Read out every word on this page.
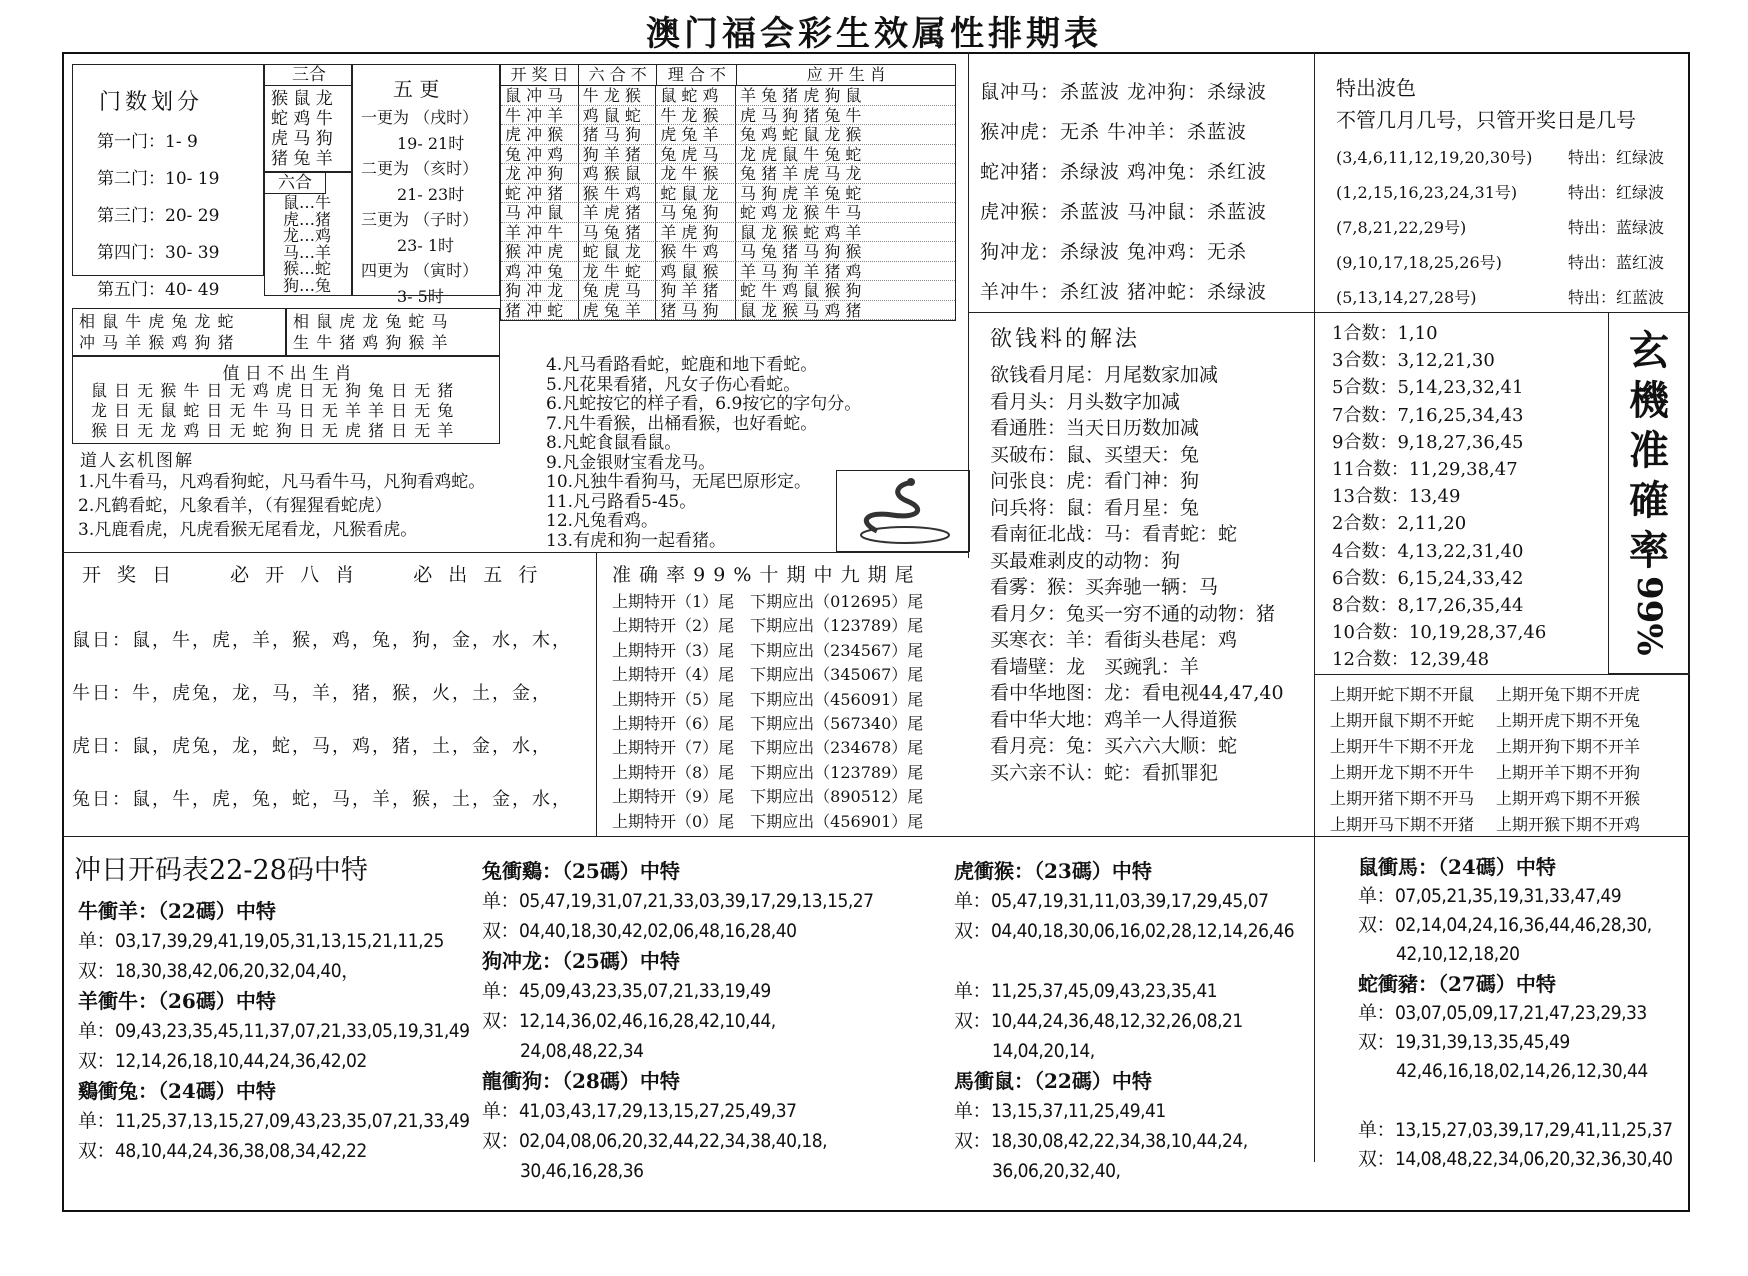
澳门福会彩生效属性排期表
门数划分
第一门：1- 9
第二门：10- 19
第三门：20- 29
第四门：30- 39
第五门：40- 49
三合
猴 鼠 龙
蛇 鸡 牛
虎 马 狗
猪 兔 羊
六合
鼠…牛
虎…猪
龙…鸡
马…羊
猴…蛇
狗…兔
五 更
一更为 （戌时）
19- 21时
二更为 （亥时）
21- 23时
三更为 （子时）
23- 1时
四更为 （寅时）
3- 5时
开 奖 日	六 合 不	理 合 不	应 开 生 肖
鼠 冲 马	牛 龙 猴	鼠 蛇 鸡	羊 兔 猪 虎 狗 鼠
牛 冲 羊	鸡 鼠 蛇	牛 龙 猴	虎 马 狗 猪 兔 牛
虎 冲 猴	猪 马 狗	虎 兔 羊	兔 鸡 蛇 鼠 龙 猴
兔 冲 鸡	狗 羊 猪	兔 虎 马	龙 虎 鼠 牛 兔 蛇
龙 冲 狗	鸡 猴 鼠	龙 牛 猴	兔 猪 羊 虎 马 龙
蛇 冲 猪	猴 牛 鸡	蛇 鼠 龙	马 狗 虎 羊 兔 蛇
马 冲 鼠	羊 虎 猪	马 兔 狗	蛇 鸡 龙 猴 牛 马
羊 冲 牛	马 兔 猪	羊 虎 狗	鼠 龙 猴 蛇 鸡 羊
猴 冲 虎	蛇 鼠 龙	猴 牛 鸡	马 兔 猪 马 狗 猴
鸡 冲 兔	龙 牛 蛇	鸡 鼠 猴	羊 马 狗 羊 猪 鸡
狗 冲 龙	兔 虎 马	狗 羊 猪	蛇 牛 鸡 鼠 猴 狗
猪 冲 蛇	虎 兔 羊	猪 马 狗	鼠 龙 猴 马 鸡 猪
相 鼠 牛 虎 兔 龙 蛇
冲 马 羊 猴 鸡 狗 猪
相 鼠 虎 龙 兔 蛇 马
生 牛 猪 鸡 狗 猴 羊
值 日 不 出 生 肖
鼠 日 无 猴 牛 日 无 鸡 虎 日 无 狗 兔 日 无 猪
龙 日 无 鼠 蛇 日 无 牛 马 日 无 羊 羊 日 无 兔
猴 日 无 龙 鸡 日 无 蛇 狗 日 无 虎 猪 日 无 羊
道人玄机图解
1.凡牛看马，凡鸡看狗蛇，凡马看牛马，凡狗看鸡蛇。
2.凡鹤看蛇，凡象看羊，（有猩猩看蛇虎）
3.凡鹿看虎，凡虎看猴无尾看龙，凡猴看虎。
4.凡马看路看蛇，蛇鹿和地下看蛇。
5.凡花果看猪，凡女子伤心看蛇。
6.凡蛇按它的样子看，6.9按它的字句分。
7.凡牛看猴，出桶看猴，也好看蛇。
8.凡蛇食鼠看鼠。
9.凡金银财宝看龙马。
10.凡独牛看狗马，无尾巴原形定。
11.凡弓路看5-45。
12.凡兔看鸡。
13.有虎和狗一起看猪。
鼠冲马：杀蓝波 龙冲狗：杀绿波
猴冲虎：无杀 牛冲羊：杀蓝波
蛇冲猪：杀绿波 鸡冲兔：杀红波
虎冲猴：杀蓝波 马冲鼠：杀蓝波
狗冲龙：杀绿波 兔冲鸡：无杀
羊冲牛：杀红波 猪冲蛇：杀绿波
特出波色
不管几月几号，只管开奖日是几号
(3,4,6,11,12,19,20,30号)	特出：红绿波
(1,2,15,16,23,24,31号)	特出：红绿波
(7,8,21,22,29号)	特出：蓝绿波
(9,10,17,18,25,26号)	特出：蓝红波
(5,13,14,27,28号)	特出：红蓝波
欲钱料的解法
欲钱看月尾：月尾数家加减
看月头：月头数字加减
看通胜：当天日历数加减
买破布：鼠、买望天：兔
问张良：虎：看门神：狗
问兵将：鼠：看月星：兔
看南征北战：马：看青蛇：蛇
买最难剥皮的动物：狗
看雾：猴：买奔驰一辆：马
看月夕：兔买一穷不通的动物：猪
买寒衣：羊：看街头巷尾：鸡
看墙壁：龙　买豌乳：羊
看中华地图：龙：看电视44,47,40
看中华大地：鸡羊一人得道猴
看月亮：兔：买六六大顺：蛇
买六亲不认：蛇：看抓罪犯
1合数：1,10
3合数：3,12,21,30
5合数：5,14,23,32,41
7合数：7,16,25,34,43
9合数：9,18,27,36,45
11合数：11,29,38,47
13合数：13,49
2合数：2,11,20
4合数：4,13,22,31,40
6合数：6,15,24,33,42
8合数：8,17,26,35,44
10合数：10,19,28,37,46
12合数：12,39,48
玄
機
准
確
率
99%
上期开蛇下期不开鼠 上期开兔下期不开虎
上期开鼠下期不开蛇 上期开虎下期不开兔
上期开牛下期不开龙 上期开狗下期不开羊
上期开龙下期不开牛 上期开羊下期不开狗
上期开猪下期不开马 上期开鸡下期不开猴
上期开马下期不开猪 上期开猴下期不开鸡
开 奖 日	必 开 八 肖	必 出 五 行
鼠日：鼠，牛，虎，羊，猴，鸡，兔，狗，金，水，木，
牛日：牛，虎兔，龙，马，羊，猪，猴，火，土，金，
虎日：鼠，虎兔，龙，蛇，马，鸡，猪，土，金，水，
兔日：鼠，牛，虎，兔，蛇，马，羊，猴，土，金，水，
准 确 率 9 9 % 十 期 中 九 期 尾
上期特开（1）尾　下期应出（012695）尾
上期特开（2）尾　下期应出（123789）尾
上期特开（3）尾　下期应出（234567）尾
上期特开（4）尾　下期应出（345067）尾
上期特开（5）尾　下期应出（456091）尾
上期特开（6）尾　下期应出（567340）尾
上期特开（7）尾　下期应出（234678）尾
上期特开（8）尾　下期应出（123789）尾
上期特开（9）尾　下期应出（890512）尾
上期特开（0）尾　下期应出（456901）尾
冲日开码表22-28码中特
牛衝羊：（22碼）中特
单：03,17,39,29,41,19,05,31,13,15,21,11,25
双：18,30,38,42,06,20,32,04,40，
羊衝牛：（26碼）中特
单：09,43,23,35,45,11,37,07,21,33,05,19,31,49
双：12,14,26,18,10,44,24,36,42,02
鷄衝兔：（24碼）中特
单：11,25,37,13,15,27,09,43,23,35,07,21,33,49
双：48,10,44,24,36,38,08,34,42,22
兔衝鷄：（25碼）中特
单：05,47,19,31,07,21,33,03,39,17,29,13,15,27
双：04,40,18,30,42,02,06,48,16,28,40
狗冲龙：（25碼）中特
单：45,09,43,23,35,07,21,33,19,49
双：12,14,36,02,46,16,28,42,10,44,
24,08,48,22,34
龍衝狗：（28碼）中特
单：41,03,43,17,29,13,15,27,25,49,37
双：02,04,08,06,20,32,44,22,34,38,40,18,
30,46,16,28,36
虎衝猴：（23碼）中特
单：05,47,19,31,11,03,39,17,29,45,07
双：04,40,18,30,06,16,02,28,12,14,26,46
单：11,25,37,45,09,43,23,35,41
双：10,44,24,36,48,12,32,26,08,21
14,04,20,14,
馬衝鼠：（22碼）中特
单：13,15,37,11,25,49,41
双：18,30,08,42,22,34,38,10,44,24,
36,06,20,32,40,
鼠衝馬：（24碼）中特
单：07,05,21,35,19,31,33,47,49
双：02,14,04,24,16,36,44,46,28,30,
42,10,12,18,20
蛇衝豬：（27碼）中特
单：03,07,05,09,17,21,47,23,29,33
双：19,31,39,13,35,45,49
42,46,16,18,02,14,26,12,30,44
单：13,15,27,03,39,17,29,41,11,25,37
双：14,08,48,22,34,06,20,32,36,30,40
